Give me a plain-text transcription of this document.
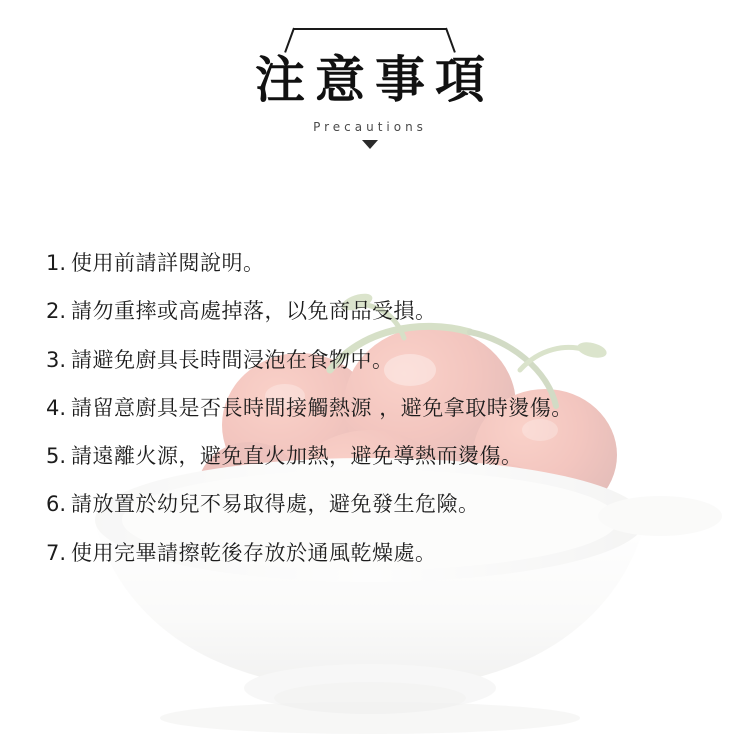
注意事項
Precautions
1. 使用前請詳閱說明。
2. 請勿重摔或高處掉落，以免商品受損。
3. 請避免廚具長時間浸泡在食物中。
4. 請留意廚具是否長時間接觸熱源 ，避免拿取時燙傷。
5. 請遠離火源，避免直火加熱，避免導熱而燙傷。
6. 請放置於幼兒不易取得處，避免發生危險。
7. 使用完畢請擦乾後存放於通風乾燥處。
